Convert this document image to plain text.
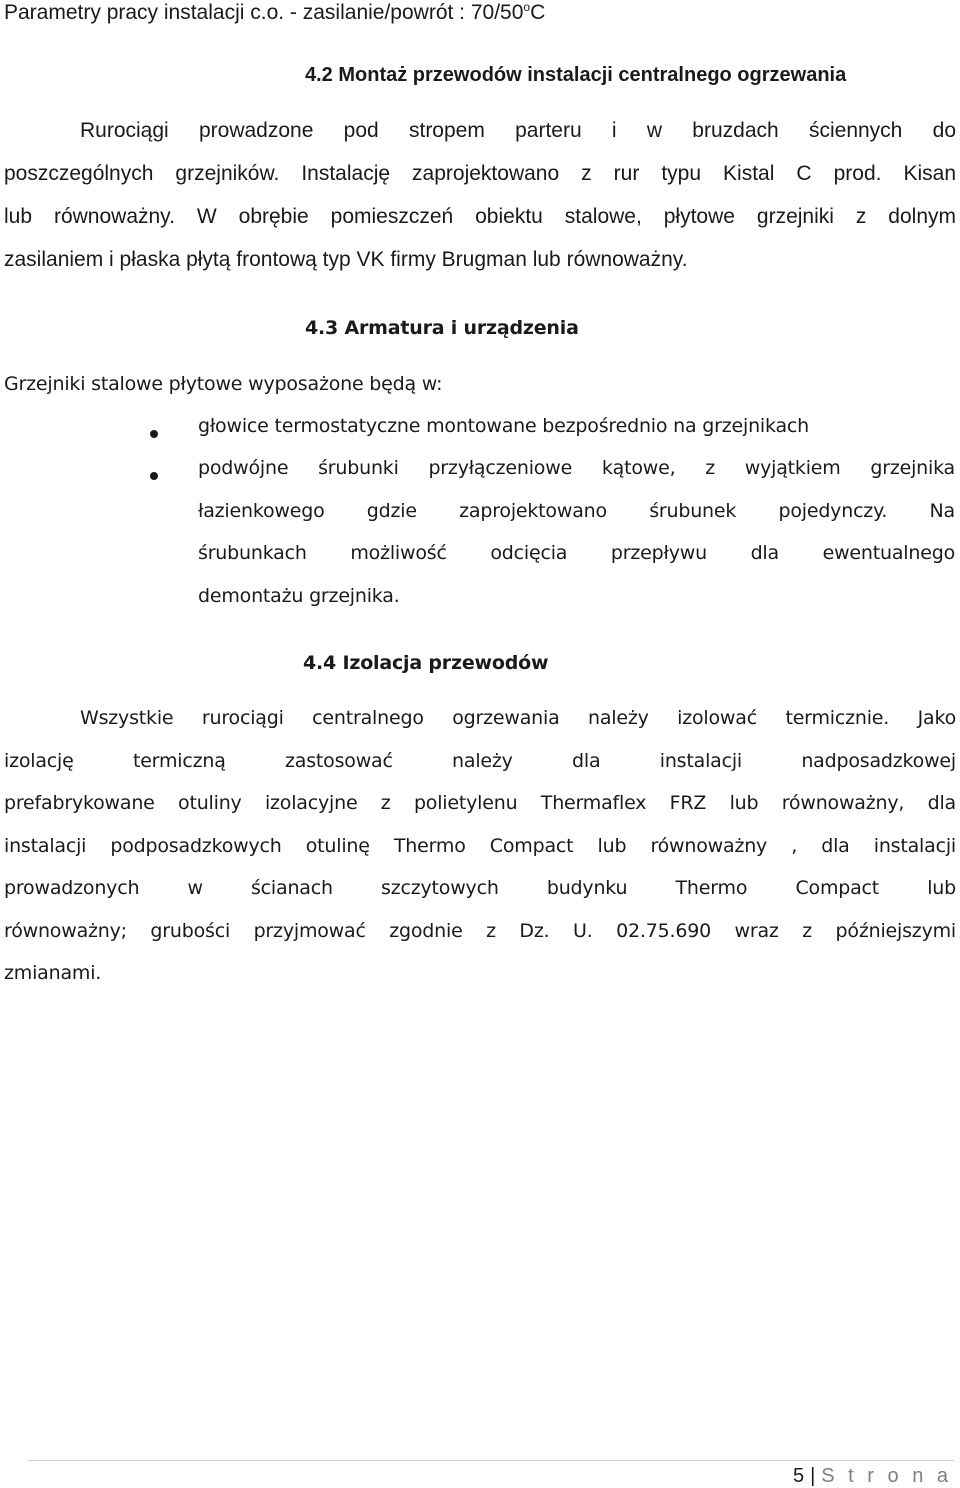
Parametry pracy instalacji c.o. - zasilanie/powrót : 70/50$^o$C
4.2 Montaż przewodów instalacji centralnego ogrzewania
Rurociągi prowadzone pod stropem parteru i w bruzdach ściennych do
poszczególnych grzejników. Instalację zaprojektowano z rur typu Kistal C prod. Kisan
lub równoważny. W obrębie pomieszczeń obiektu stalowe, płytowe grzejniki z dolnym
zasilaniem i płaska płytą frontową typ VK firmy Brugman lub równoważny.
4.3 Armatura i urządzenia
Grzejniki stalowe płytowe wyposażone będą w:
głowice termostatyczne montowane bezpośrednio na grzejnikach
podwójne śrubunki przyłączeniowe kątowe, z wyjątkiem grzejnika
łazienkowego gdzie zaprojektowano śrubunek pojedynczy. Na
śrubunkach możliwość odcięcia przepływu dla ewentualnego
demontażu grzejnika.
4.4 Izolacja przewodów
Wszystkie rurociągi centralnego ogrzewania należy izolować termicznie. Jako
izolację termiczną zastosować należy dla instalacji nadposadzkowej
prefabrykowane otuliny izolacyjne z polietylenu Thermaflex FRZ lub równoważny, dla
instalacji podposadzkowych otulinę Thermo Compact lub równoważny , dla instalacji
prowadzonych w ścianach szczytowych budynku Thermo Compact lub
równoważny; grubości przyjmować zgodnie z Dz. U. 02.75.690 wraz z późniejszymi
zmianami.
5 | S t r o n a
